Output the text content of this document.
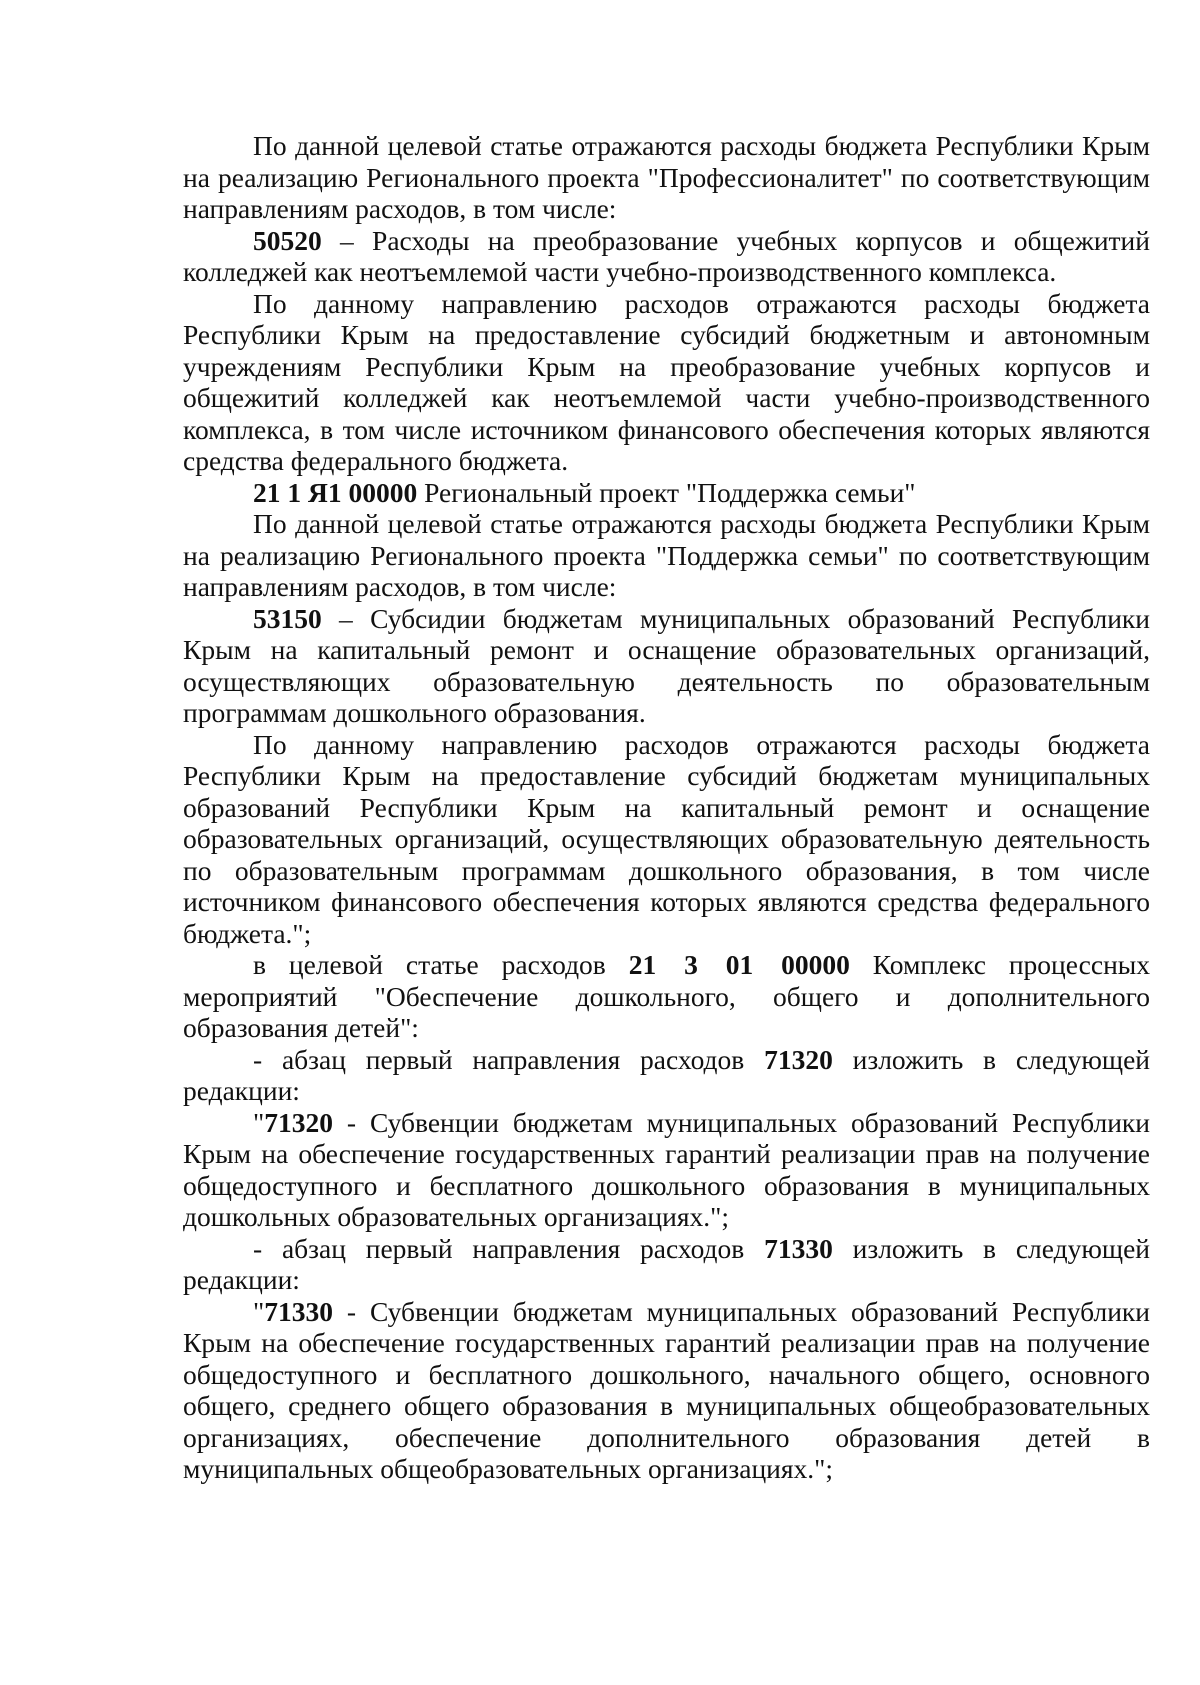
По данной целевой статье отражаются расходы бюджета Республики Крым на реализацию Регионального проекта "Профессионалитет" по соответствующим направлениям расходов, в том числе:

50520 – Расходы на преобразование учебных корпусов и общежитий колледжей как неотъемлемой части учебно-производственного комплекса.

По данному направлению расходов отражаются расходы бюджета Республики Крым на предоставление субсидий бюджетным и автономным учреждениям Республики Крым на преобразование учебных корпусов и общежитий колледжей как неотъемлемой части учебно-производственного комплекса, в том числе источником финансового обеспечения которых являются средства федерального бюджета.

21 1 Я1 00000 Региональный проект "Поддержка семьи"

По данной целевой статье отражаются расходы бюджета Республики Крым на реализацию Регионального проекта "Поддержка семьи" по соответствующим направлениям расходов, в том числе:

53150 – Субсидии бюджетам муниципальных образований Республики Крым на капитальный ремонт и оснащение образовательных организаций, осуществляющих образовательную деятельность по образовательным программам дошкольного образования.

По данному направлению расходов отражаются расходы бюджета Республики Крым на предоставление субсидий бюджетам муниципальных образований Республики Крым на капитальный ремонт и оснащение образовательных организаций, осуществляющих образовательную деятельность по образовательным программам дошкольного образования, в том числе источником финансового обеспечения которых являются средства федерального бюджета.";

в целевой статье расходов 21 3 01 00000 Комплекс процессных мероприятий "Обеспечение дошкольного, общего и дополнительного образования детей":

- абзац первый направления расходов 71320 изложить в следующей редакции:

"71320 - Субвенции бюджетам муниципальных образований Республики Крым на обеспечение государственных гарантий реализации прав на получение общедоступного и бесплатного дошкольного образования в муниципальных дошкольных образовательных организациях.";

- абзац первый направления расходов 71330 изложить в следующей редакции:

"71330 - Субвенции бюджетам муниципальных образований Республики Крым на обеспечение государственных гарантий реализации прав на получение общедоступного и бесплатного дошкольного, начального общего, основного общего, среднего общего образования в муниципальных общеобразовательных организациях, обеспечение дополнительного образования детей в муниципальных общеобразовательных организациях.";
